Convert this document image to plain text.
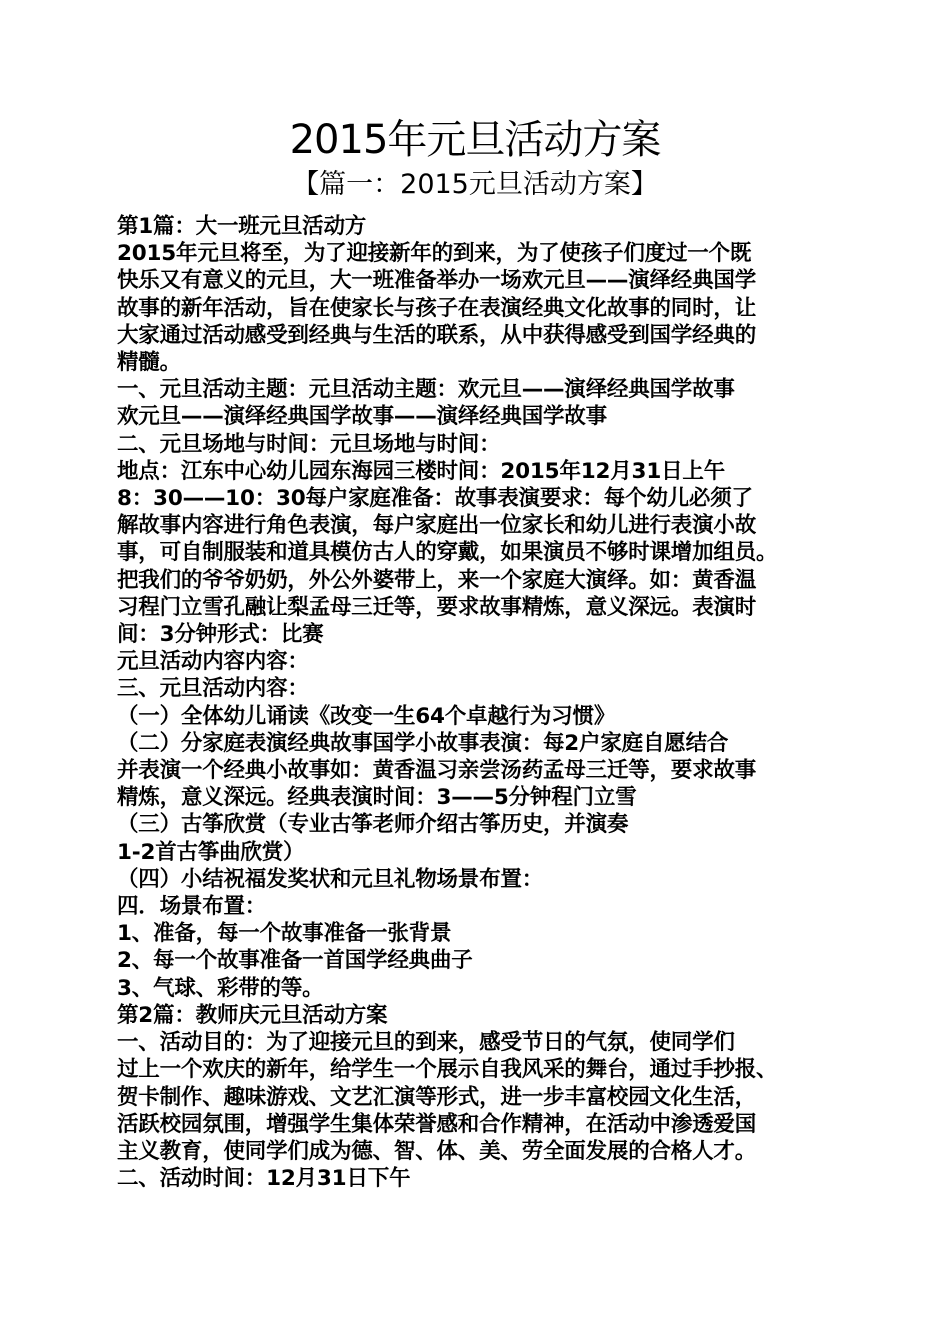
2015年元旦活动方案
【篇一：2015元旦活动方案】

第1篇：大一班元旦活动方

2015年元旦将至，为了迎接新年的到来，为了使孩子们度过一个既

快乐又有意义的元旦，大一班准备举办一场欢元旦——演绎经典国学

故事的新年活动，旨在使家长与孩子在表演经典文化故事的同时，让

大家通过活动感受到经典与生活的联系，从中获得感受到国学经典的

精髓。

一、元旦活动主题：元旦活动主题：欢元旦——演绎经典国学故事

欢元旦——演绎经典国学故事——演绎经典国学故事

二、元旦场地与时间：元旦场地与时间：

地点：江东中心幼儿园东海园三楼时间：2015年12月31日上午

8：30——10：30每户家庭准备：故事表演要求：每个幼儿必须了

解故事内容进行角色表演，每户家庭出一位家长和幼儿进行表演小故

事，可自制服装和道具模仿古人的穿戴，如果演员不够时课增加组员。

把我们的爷爷奶奶，外公外婆带上，来一个家庭大演绎。如：黄香温

习程门立雪孔融让梨孟母三迁等，要求故事精炼，意义深远。表演时

间：3分钟形式：比赛

元旦活动内容内容：

三、元旦活动内容：

（一）全体幼儿诵读《改变一生64个卓越行为习惯》

（二）分家庭表演经典故事国学小故事表演：每2户家庭自愿结合

并表演一个经典小故事如：黄香温习亲尝汤药孟母三迁等，要求故事

精炼，意义深远。经典表演时间：3——5分钟程门立雪

（三）古筝欣赏（专业古筝老师介绍古筝历史，并演奏

1-2首古筝曲欣赏）

（四）小结祝福发奖状和元旦礼物场景布置：

四．场景布置：

1、准备，每一个故事准备一张背景

2、每一个故事准备一首国学经典曲子

3、气球、彩带的等。

第2篇：教师庆元旦活动方案

一、活动目的：为了迎接元旦的到来，感受节日的气氛，使同学们

过上一个欢庆的新年，给学生一个展示自我风采的舞台，通过手抄报、

贺卡制作、趣味游戏、文艺汇演等形式，进一步丰富校园文化生活，

活跃校园氛围，增强学生集体荣誉感和合作精神，在活动中渗透爱国

主义教育，使同学们成为德、智、体、美、劳全面发展的合格人才。

二、活动时间：12月31日下午
